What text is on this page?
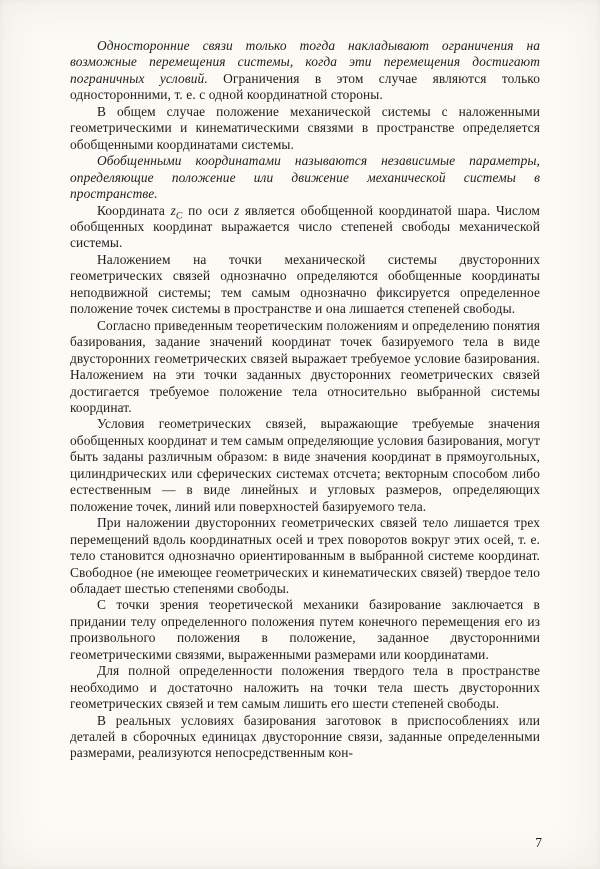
Односторонние связи только тогда накладывают ограничения на возможные перемещения системы, когда эти перемещения достигают пограничных условий. Ограничения в этом случае являются только односторонними, т. е. с одной координатной стороны.

В общем случае положение механической системы с наложенными геометрическими и кинематическими связями в пространстве определяется обобщенными координатами системы.

Обобщенными координатами называются независимые параметры, определяющие положение или движение механической системы в пространстве.

Координата $z_C$ по оси z является обобщенной координатой шара. Числом обобщенных координат выражается число степеней свободы механической системы.

Наложением на точки механической системы двусторонних геометрических связей однозначно определяются обобщенные координаты неподвижной системы; тем самым однозначно фиксируется определенное положение точек системы в пространстве и она лишается степеней свободы.

Согласно приведенным теоретическим положениям и определению понятия базирования, задание значений координат точек базируемого тела в виде двусторонних геометрических связей выражает требуемое условие базирования. Наложением на эти точки заданных двусторонних геометрических связей достигается требуемое положение тела относительно выбранной системы координат.

Условия геометрических связей, выражающие требуемые значения обобщенных координат и тем самым определяющие условия базирования, могут быть заданы различным образом: в виде значения координат в прямоугольных, цилиндрических или сферических системах отсчета; векторным способом либо естественным — в виде линейных и угловых размеров, определяющих положение точек, линий или поверхностей базируемого тела.

При наложении двусторонних геометрических связей тело лишается трех перемещений вдоль координатных осей и трех поворотов вокруг этих осей, т. е. тело становится однозначно ориентированным в выбранной системе координат. Свободное (не имеющее геометрических и кинематических связей) твердое тело обладает шестью степенями свободы.

С точки зрения теоретической механики базирование заключается в придании телу определенного положения путем конечного перемещения его из произвольного положения в положение, заданное двусторонними геометрическими связями, выраженными размерами или координатами.

Для полной определенности положения твердого тела в пространстве необходимо и достаточно наложить на точки тела шесть двусторонних геометрических связей и тем самым лишить его шести степеней свободы.

В реальных условиях базирования заготовок в приспособлениях или деталей в сборочных единицах двусторонние связи, заданные определенными размерами, реализуются непосредственным кон-

7
